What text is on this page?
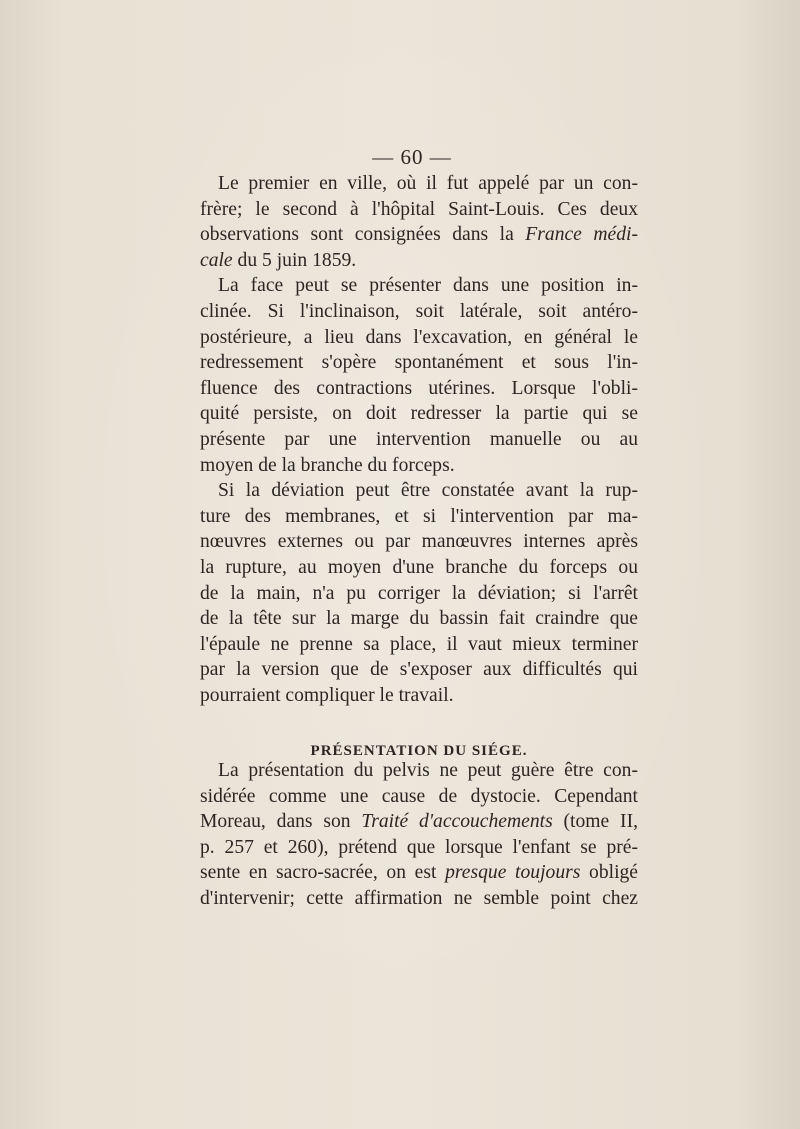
— 60 —
Le premier en ville, où il fut appelé par un con-
frère; le second à l'hôpital Saint-Louis. Ces deux
observations sont consignées dans la France médi-
cale du 5 juin 1859.
La face peut se présenter dans une position in-
clinée. Si l'inclinaison, soit latérale, soit antéro-
postérieure, a lieu dans l'excavation, en général le
redressement s'opère spontanément et sous l'in-
fluence des contractions utérines. Lorsque l'obli-
quité persiste, on doit redresser la partie qui se
présente par une intervention manuelle ou au
moyen de la branche du forceps.
Si la déviation peut être constatée avant la rup-
ture des membranes, et si l'intervention par ma-
nœuvres externes ou par manœuvres internes après
la rupture, au moyen d'une branche du forceps ou
de la main, n'a pu corriger la déviation; si l'arrêt
de la tête sur la marge du bassin fait craindre que
l'épaule ne prenne sa place, il vaut mieux terminer
par la version que de s'exposer aux difficultés qui
pourraient compliquer le travail.
PRÉSENTATION DU SIÉGE.
La présentation du pelvis ne peut guère être con-
sidérée comme une cause de dystocie. Cependant
Moreau, dans son Traité d'accouchements (tome II,
p. 257 et 260), prétend que lorsque l'enfant se pré-
sente en sacro-sacrée, on est presque toujours obligé
d'intervenir; cette affirmation ne semble point chez
